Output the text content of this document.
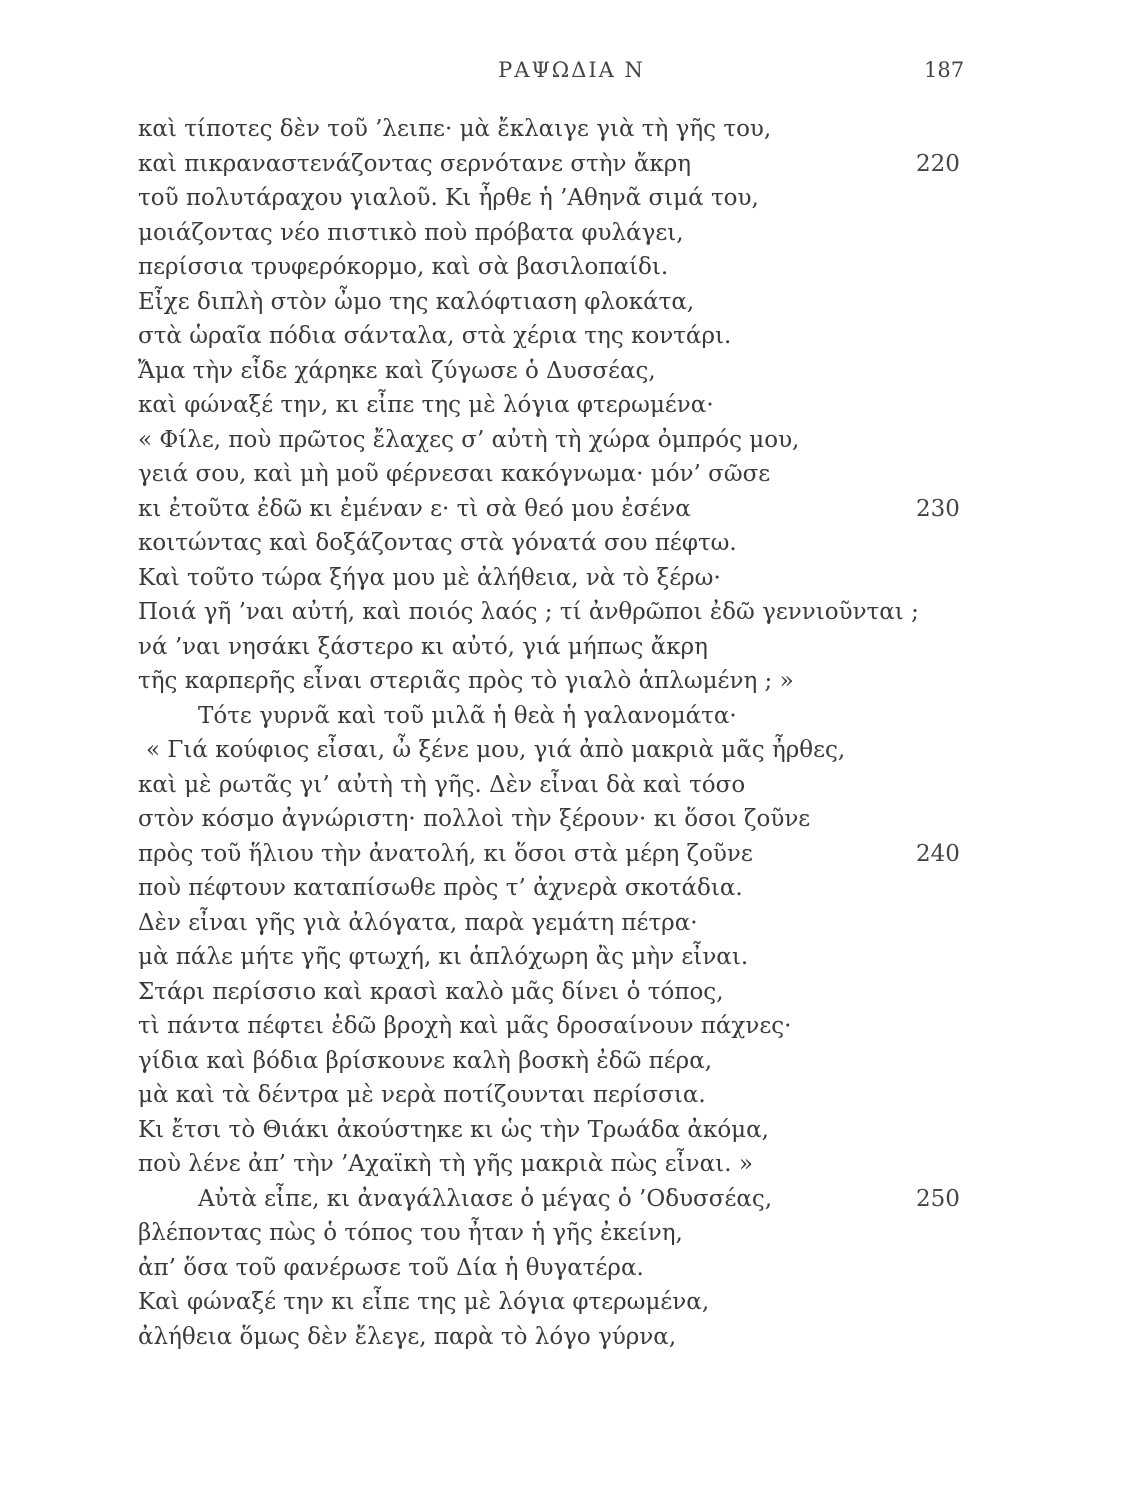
ΡΑΨΩΔΙΑ Ν	187
καὶ τίποτες δὲν τοῦ ’λειπε· μὰ ἔκλαιγε γιὰ τὴ γῆς του,
καὶ πικραναστενάζοντας σερνότανε στὴν ἄκρη	220
τοῦ πολυτάραχου γιαλοῦ. Κι ἦρθε ἡ ’Αθηνᾶ σιμά του,
μοιάζοντας νέο πιστικὸ ποὺ πρόβατα φυλάγει,
περίσσια τρυφερόκορμο, καὶ σὰ βασιλοπαίδι.
Εἶχε διπλὴ στὸν ὦμο της καλόφτιαση φλοκάτα,
στὰ ὡραῖα πόδια σάνταλα, στὰ χέρια της κοντάρι.
Ἄμα τὴν εἶδε χάρηκε καὶ ζύγωσε ὁ Δυσσέας,
καὶ φώναξέ την, κι εἶπε της μὲ λόγια φτερωμένα·
« Φίλε, ποὺ πρῶτος ἔλαχες σ’ αὐτὴ τὴ χώρα ὀμπρός μου,
γειά σου, καὶ μὴ μοῦ φέρνεσαι κακόγνωμα· μόν’ σῶσε
κι ἐτοῦτα ἐδῶ κι ἐμέναν ε· τὶ σὰ θεό μου ἐσένα	230
κοιτώντας καὶ δοξάζοντας στὰ γόνατά σου πέφτω.
Καὶ τοῦτο τώρα ξήγα μου μὲ ἀλήθεια, νὰ τὸ ξέρω·
Ποιά γῆ ’ναι αὐτή, καὶ ποιός λαός ; τί ἀνθρῶποι ἐδῶ γεννιοῦνται ;
νά ’ναι νησάκι ξάστερο κι αὐτό, γιά μήπως ἄκρη
τῆς καρπερῆς εἶναι στεριᾶς πρὸς τὸ γιαλὸ ἁπλωμένη ; »
Τότε γυρνᾶ καὶ τοῦ μιλᾶ ἡ θεὰ ἡ γαλανομάτα·
« Γιά κούφιος εἶσαι, ὦ ξένε μου, γιά ἀπὸ μακριὰ μᾶς ἦρθες,
καὶ μὲ ρωτᾶς γι’ αὐτὴ τὴ γῆς. Δὲν εἶναι δὰ καὶ τόσο
στὸν κόσμο ἀγνώριστη· πολλοὶ τὴν ξέρουν· κι ὅσοι ζοῦνε
πρὸς τοῦ ἥλιου τὴν ἀνατολή, κι ὅσοι στὰ μέρη ζοῦνε	240
ποὺ πέφτουν καταπίσωθε πρὸς τ’ ἀχνερὰ σκοτάδια.
Δὲν εἶναι γῆς γιὰ ἀλόγατα, παρὰ γεμάτη πέτρα·
μὰ πάλε μήτε γῆς φτωχή, κι ἁπλόχωρη ἂς μὴν εἶναι.
Στάρι περίσσιο καὶ κρασὶ καλὸ μᾶς δίνει ὁ τόπος,
τὶ πάντα πέφτει ἐδῶ βροχὴ καὶ μᾶς δροσαίνουν πάχνες·
γίδια καὶ βόδια βρίσκουνε καλὴ βοσκὴ ἐδῶ πέρα,
μὰ καὶ τὰ δέντρα μὲ νερὰ ποτίζουνται περίσσια.
Κι ἔτσι τὸ Θιάκι ἀκούστηκε κι ὡς τὴν Τρωάδα ἀκόμα,
ποὺ λένε ἀπ’ τὴν ’Αχαϊκὴ τὴ γῆς μακριὰ πὼς εἶναι. »
Αὐτὰ εἶπε, κι ἀναγάλλιασε ὁ μέγας ὁ ’Οδυσσέας,	250
βλέποντας πὼς ὁ τόπος του ἦταν ἡ γῆς ἐκείνη,
ἀπ’ ὅσα τοῦ φανέρωσε τοῦ Δία ἡ θυγατέρα.
Καὶ φώναξέ την κι εἶπε της μὲ λόγια φτερωμένα,
ἀλήθεια ὅμως δὲν ἔλεγε, παρὰ τὸ λόγο γύρνα,
